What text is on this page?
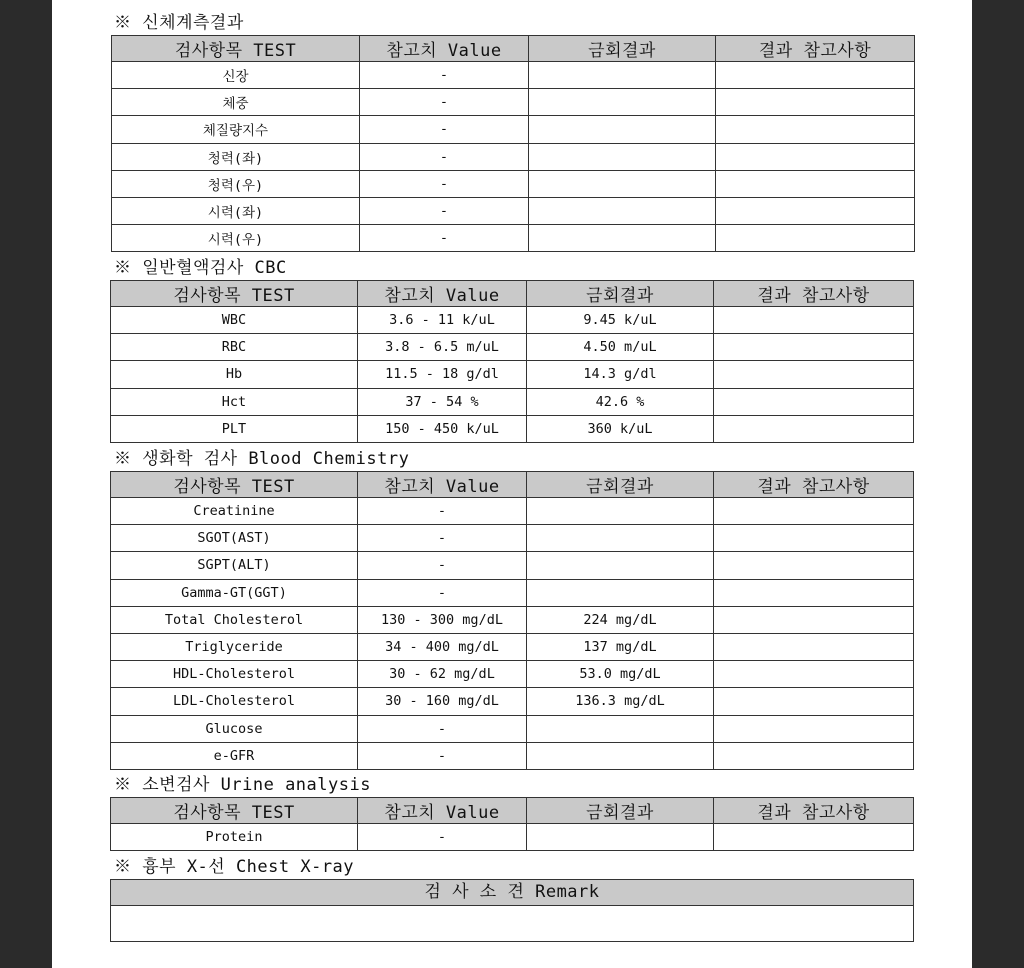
※ 신체계측결과
검사항목 TEST	참고치 Value	금회결과	결과 참고사항
신장	-		
체중	-		
체질량지수	-		
청력(좌)	-		
청력(우)	-		
시력(좌)	-		
시력(우)	-		
※ 일반혈액검사 CBC
검사항목 TEST	참고치 Value	금회결과	결과 참고사항
WBC	3.6 - 11 k/uL	9.45 k/uL	
RBC	3.8 - 6.5 m/uL	4.50 m/uL	
Hb	11.5 - 18 g/dl	14.3 g/dl	
Hct	37 - 54 %	42.6 %	
PLT	150 - 450 k/uL	360 k/uL	
※ 생화학 검사 Blood Chemistry
검사항목 TEST	참고치 Value	금회결과	결과 참고사항
Creatinine	-		
SGOT(AST)	-		
SGPT(ALT)	-		
Gamma-GT(GGT)	-		
Total Cholesterol	130 - 300 mg/dL	224 mg/dL	
Triglyceride	34 - 400 mg/dL	137 mg/dL	
HDL-Cholesterol	30 - 62 mg/dL	53.0 mg/dL	
LDL-Cholesterol	30 - 160 mg/dL	136.3 mg/dL	
Glucose	-		
e-GFR	-		
※ 소변검사 Urine analysis
검사항목 TEST	참고치 Value	금회결과	결과 참고사항
Protein	-		
※ 흉부 X-선 Chest X-ray
검 사 소 견 Remark
